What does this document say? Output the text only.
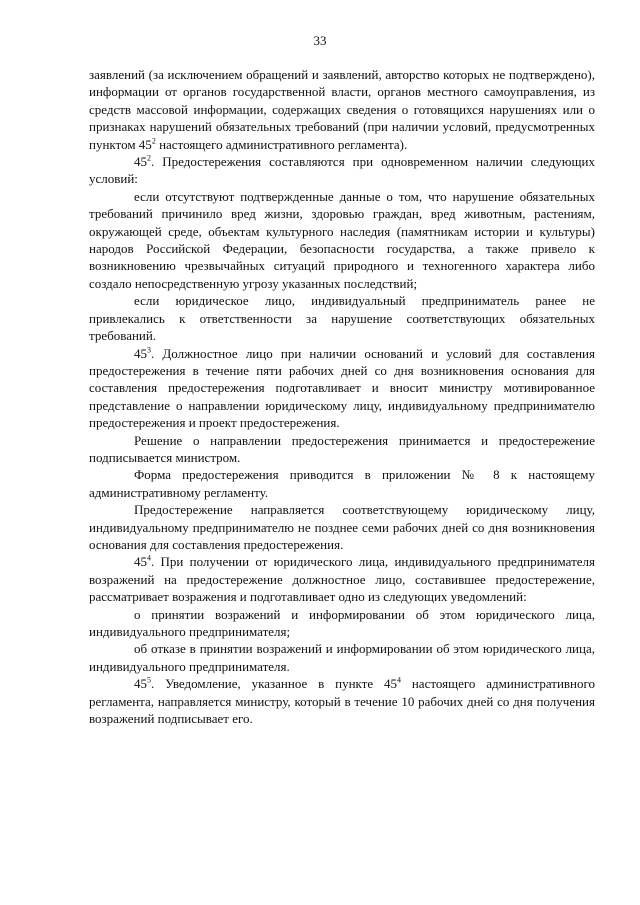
33

заявлений (за исключением обращений и заявлений, авторство которых не подтверждено), информации от органов государственной власти, органов местного самоуправления, из средств массовой информации, содержащих сведения о готовящихся нарушениях или о признаках нарушений обязательных требований (при наличии условий, предусмотренных пунктом $45^2$ настоящего административного регламента).

$45^2$. Предостережения составляются при одновременном наличии следующих условий:

если отсутствуют подтвержденные данные о том, что нарушение обязательных требований причинило вред жизни, здоровью граждан, вред животным, растениям, окружающей среде, объектам культурного наследия (памятникам истории и культуры) народов Российской Федерации, безопасности государства, а также привело к возникновению чрезвычайных ситуаций природного и техногенного характера либо создало непосредственную угрозу указанных последствий;

если юридическое лицо, индивидуальный предприниматель ранее не привлекались к ответственности за нарушение соответствующих обязательных требований.

$45^3$. Должностное лицо при наличии оснований и условий для составления предостережения в течение пяти рабочих дней со дня возникновения основания для составления предостережения подготавливает и вносит министру мотивированное представление о направлении юридическому лицу, индивидуальному предпринимателю предостережения и проект предостережения.

Решение о направлении предостережения принимается и предостережение подписывается министром.

Форма предостережения приводится в приложении № 8 к настоящему административному регламенту.

Предостережение направляется соответствующему юридическому лицу, индивидуальному предпринимателю не позднее семи рабочих дней со дня возникновения основания для составления предостережения.

$45^4$. При получении от юридического лица, индивидуального предпринимателя возражений на предостережение должностное лицо, составившее предостережение, рассматривает возражения и подготавливает одно из следующих уведомлений:

о принятии возражений и информировании об этом юридического лица, индивидуального предпринимателя;

об отказе в принятии возражений и информировании об этом юридического лица, индивидуального предпринимателя.

$45^5$. Уведомление, указанное в пункте $45^4$ настоящего административного регламента, направляется министру, который в течение 10 рабочих дней со дня получения возражений подписывает его.
